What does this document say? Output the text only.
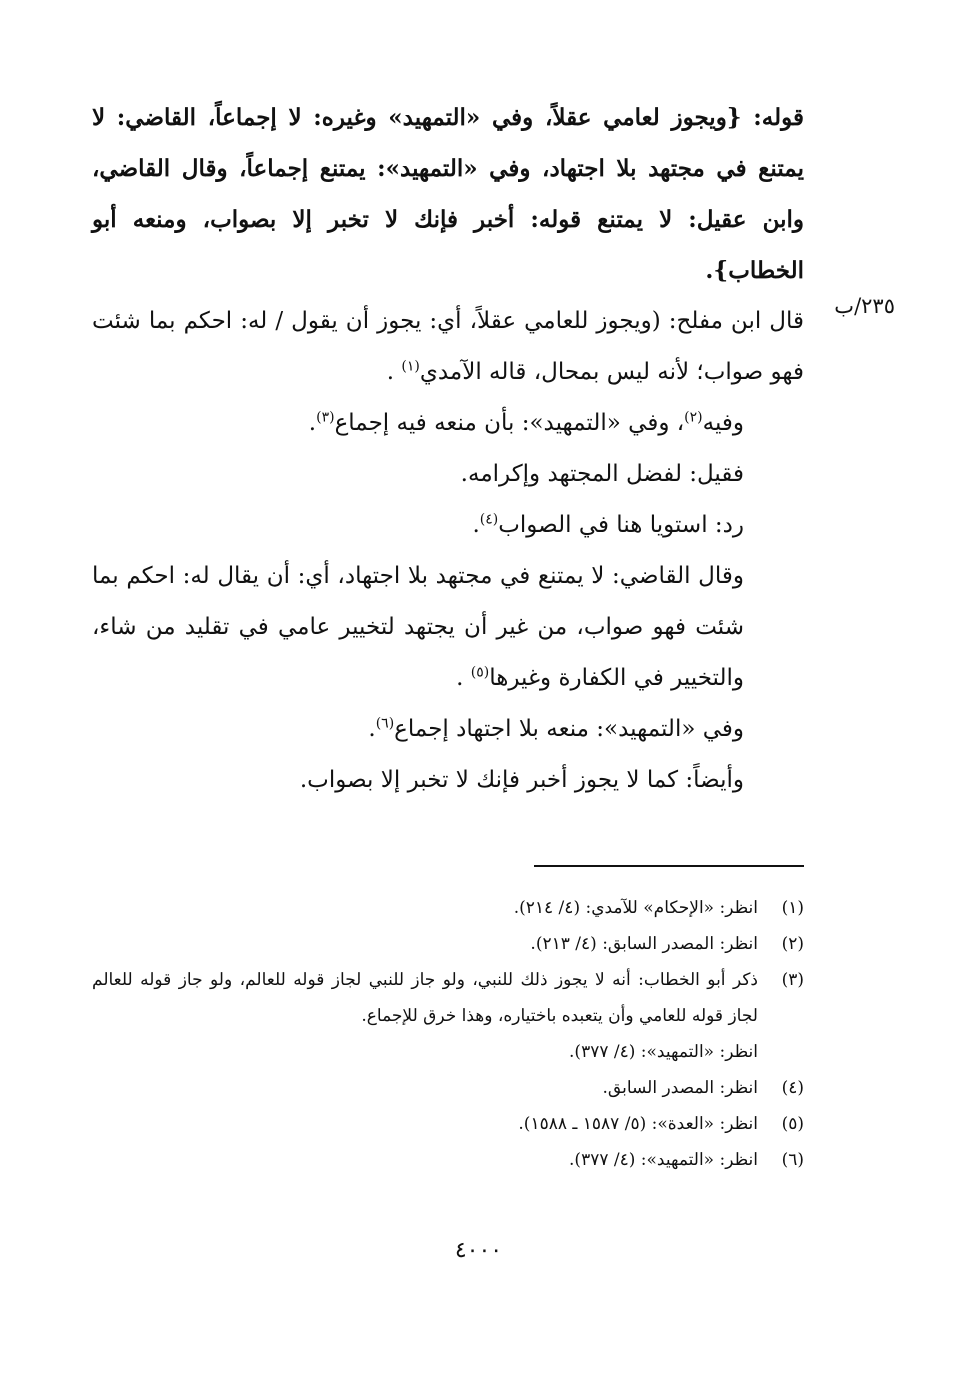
٢٣٥/ب

قوله: {ويجوز لعامي عقلاً، وفي «التمهيد» وغيره: لا إجماعاً، القاضي: لا يمتنع في مجتهد بلا اجتهاد، وفي «التمهيد»: يمتنع إجماعاً، وقال القاضي، وابن عقيل: لا يمتنع قوله: أخبر فإنك لا تخبر إلا بصواب، ومنعه أبو الخطاب}.

قال ابن مفلح: (ويجوز للعامي عقلاً، أي: يجوز أن يقول / له: احكم بما شئت فهو صواب؛ لأنه ليس بمحال، قاله الآمدي$^{(١)}$ .

وفيه$^{(٢)}$، وفي «التمهيد»: بأن منعه فيه إجماع$^{(٣)}$.

فقيل: لفضل المجتهد وإكرامه.

رد: استويا هنا في الصواب$^{(٤)}$.

وقال القاضي: لا يمتنع في مجتهد بلا اجتهاد، أي: أن يقال له: احكم بما شئت فهو صواب، من غير أن يجتهد لتخيير عامي في تقليد من شاء، والتخيير في الكفارة وغيرها$^{(٥)}$ .

وفي «التمهيد»: منعه بلا اجتهاد إجماع$^{(٦)}$.

وأيضاً: كما لا يجوز أخبر فإنك لا تخبر إلا بصواب.

(١)
انظر: «الإحكام» للآمدي: (٤/ ٢١٤).
(٢)
انظر: المصدر السابق: (٤/ ٢١٣).
(٣)
ذكر أبو الخطاب: أنه لا يجوز ذلك للنبي، ولو جاز للنبي لجاز قوله للعالم، ولو جاز قوله للعالم لجاز قوله للعامي وأن يتعبده باختياره، وهذا خرق للإجماع.
انظر: «التمهيد»: (٤/ ٣٧٧).
(٤)
انظر: المصدر السابق.
(٥)
انظر: «العدة»: (٥/ ١٥٨٧ ـ ١٥٨٨).
(٦)
انظر: «التمهيد»: (٤/ ٣٧٧).
٤٠٠٠
